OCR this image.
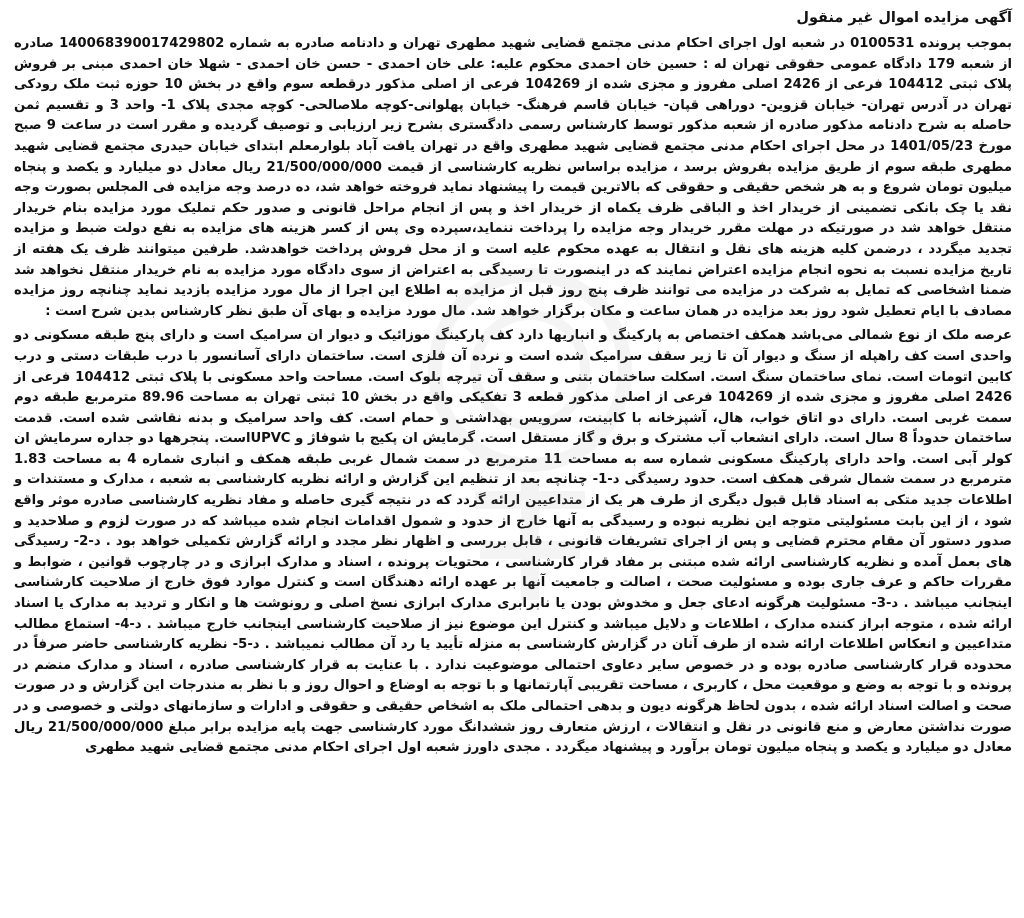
آگهی مزایده اموال غیر منقول

بموجب پرونده 0100531 در شعبه اول اجرای احکام مدنی مجتمع قضایی شهید مطهری تهران و دادنامه صادره به شماره 140068390017429802 صادره از شعبه 179 دادگاه عمومی حقوقی تهران له : حسین خان احمدی محکوم علیه: علی خان احمدی - حسن خان احمدی - شهلا خان احمدی مبنی بر فروش پلاک ثبتی 104412 فرعی از 2426 اصلی مفروز و مجزی شده از 104269 فرعی از اصلی مذکور درقطعه سوم واقع در بخش 10 حوزه ثبت ملک رودکی تهران در آدرس تهران- خیابان قزوین- دوراهی قپان- خیابان قاسم فرهنگ- خیابان پهلوانی-کوچه ملاصالحی- کوچه مجدی پلاک 1- واحد 3 و تقسیم ثمن حاصله به شرح دادنامه مذکور صادره از شعبه مذکور توسط کارشناس رسمی دادگستری بشرح زیر ارزیابی و توصیف گردیده و مقرر است در ساعت 9 صبح مورخ 1401/05/23 در محل اجرای احکام مدنی مجتمع قضایی شهید مطهری واقع در تهران یافت آباد بلوارمعلم ابتدای خیابان حیدری مجتمع قضایی شهید مطهری طبقه سوم از طریق مزایده بفروش برسد ، مزایده براساس نظریه کارشناسی از قیمت 21/500/000/000 ریال معادل دو میلیارد و یکصد و پنجاه میلیون تومان شروع و به هر شخص حقیقی و حقوقی که بالاترین قیمت را پیشنهاد نماید فروخته خواهد شد، ده درصد وجه مزایده فی المجلس بصورت وجه نقد یا چک بانکی تضمینی از خریدار اخذ و الباقی ظرف یکماه از خریدار اخذ و پس از انجام مراحل قانونی و صدور حکم تملیک مورد مزایده بنام خریدار منتقل خواهد شد در صورتیکه در مهلت مقرر خریدار وجه مزایده را پرداخت ننماید،سپرده وی پس از کسر هزینه های مزایده به نفع دولت ضبط و مزایده تجدید میگردد ، درضمن کلیه هزینه های نقل و انتقال به عهده محکوم علیه است و از محل فروش پرداخت خواهدشد. طرفین میتوانند ظرف یک هفته از تاریخ مزایده نسبت به نحوه انجام مزایده اعتراض نمایند که در اینصورت تا رسیدگی به اعتراض از سوی دادگاه مورد مزایده به نام خریدار منتقل نخواهد شد ضمنا اشخاصی که تمایل به شرکت در مزایده می توانند ظرف پنج روز قبل از مزایده به اطلاع این اجرا از مال مورد مزایده بازدید نماید چنانچه روز مزایده مصادف با ایام تعطیل شود روز بعد مزایده در همان ساعت و مکان برگزار خواهد شد. مال مورد مزایده و بهای آن طبق نظر کارشناس بدین شرح است :

عرصه ملک از نوع شمالی می‌باشد همکف اختصاص به پارکینگ و انباریها دارد کف پارکینگ موزائیک و دیوار ان سرامیک است و دارای پنج طبقه مسکونی دو واحدی است کف راهپله از سنگ و دیوار آن تا زیر سقف سرامیک شده است و نرده آن فلزی است. ساختمان دارای آسانسور با درب طبقات دستی و درب کابین اتومات است. نمای ساختمان سنگ است. اسکلت ساختمان بتنی و سقف آن تیرچه بلوک است. مساحت واحد مسکونی با پلاک ثبتی 104412 فرعی از 2426 اصلی مفروز و مجزی شده از 104269 فرعی از اصلی مذکور قطعه 3 تفکیکی واقع در بخش 10 ثبتی تهران به مساحت 89.96 مترمربع طبقه دوم سمت غربی است. دارای دو اتاق خواب، هال، آشپزخانه با کابینت، سرویس بهداشتی و حمام است. کف واحد سرامیک و بدنه نقاشی شده است. قدمت ساختمان حدوداً 8 سال است. دارای انشعاب آب مشترک و برق و گاز مستقل است. گرمایش ان پکیج با شوفاژ و UPVCاست. پنجرهها دو جداره سرمایش ان کولر آبی است. واحد دارای پارکینگ مسکونی شماره سه به مساحت 11 مترمربع در سمت شمال غربی طبقه همکف و انباری شماره 4 به مساحت 1.83 مترمربع در سمت شمال شرقی همکف است. حدود رسیدگی د-1- چنانچه بعد از تنظیم این گزارش و ارائه نظریه کارشناسی به شعبه ، مدارک و مستندات و اطلاعات جدید متکی به اسناد قابل قبول دیگری از طرف هر یک از متداعیین ارائه گردد که در نتیجه گیری حاصله و مفاد نظریه کارشناسی صادره موثر واقع شود ، از این بابت مسئولیتی متوجه این نظریه نبوده و رسیدگی به آنها خارج از حدود و شمول اقدامات انجام شده میباشد که در صورت لزوم و صلاحدید و صدور دستور آن مقام محترم قضایی و پس از اجرای تشریفات قانونی ، قابل بررسی و اظهار نظر مجدد و ارائه گزارش تکمیلی خواهد بود . د-2- رسیدگی های بعمل آمده و نظریه کارشناسی ارائه شده مبتنی بر مفاد قرار کارشناسی ، محتویات پرونده ، اسناد و مدارک ابرازی و در چارچوب قوانین ، ضوابط و مقررات حاکم و عرف جاری بوده و مسئولیت صحت ، اصالت و جامعیت آنها بر عهده ارائه دهندگان است و کنترل موارد فوق خارج از صلاحیت کارشناسی اینجانب میباشد . د-3- مسئولیت هرگونه ادعای جعل و مخدوش بودن یا نابرابری مدارک ابرازی نسخ اصلی و رونوشت ها و انکار و تردید به مدارک یا اسناد ارائه شده ، متوجه ابراز کننده مدارک ، اطلاعات و دلایل میباشد و کنترل این موضوع نیز از صلاحیت کارشناسی اینجانب خارج میباشد . د-4- استماع مطالب متداعیین و انعکاس اطلاعات ارائه شده از طرف آنان در گزارش کارشناسی به منزله تأیید یا رد آن مطالب نمیباشد . د-5- نظریه کارشناسی حاضر صرفاً در محدوده قرار کارشناسی صادره بوده و در خصوص سایر دعاوی احتمالی موضوعیت ندارد . با عنایت به قرار کارشناسی صادره ، اسناد و مدارک منضم در پرونده و با توجه به وضع و موقعیت محل ، کاربری ، مساحت تقریبی آپارتمانها و با توجه به اوضاع و احوال روز و با نظر به مندرجات این گزارش و در صورت صحت و اصالت اسناد ارائه شده ، بدون لحاظ هرگونه دیون و بدهی احتمالی ملک به اشخاص حقیقی و حقوقی و ادارات و سازمانهای دولتی و خصوصی و در صورت نداشتن معارض و منع قانونی در نقل و انتقالات ، ارزش متعارف روز ششدانگ مورد کارشناسی جهت پایه مزایده برابر مبلغ 21/500/000/000 ریال معادل دو میلیارد و یکصد و پنجاه میلیون تومان برآورد و پیشنهاد میگردد . مجدی داورز شعبه اول اجرای احکام مدنی مجتمع قضایی شهید مطهری
